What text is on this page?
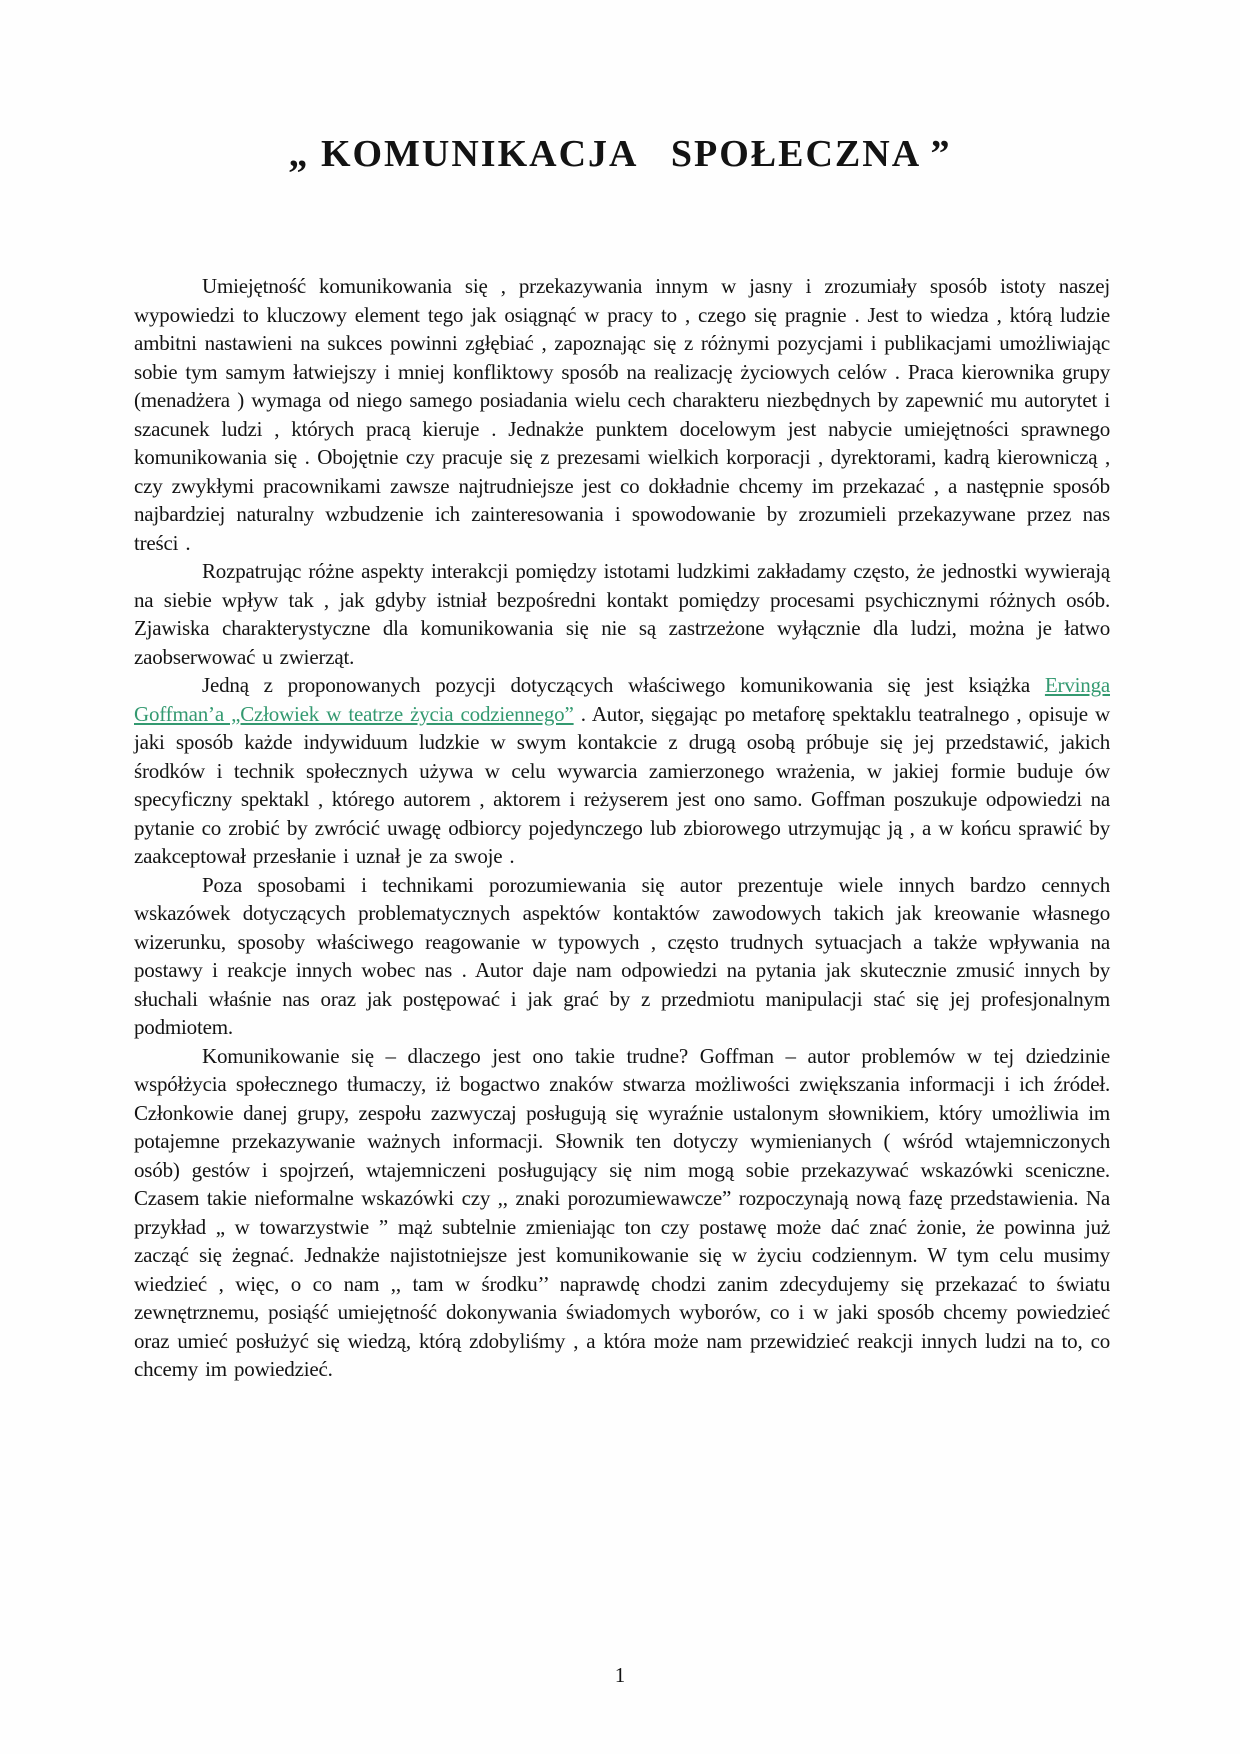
„ KOMUNIKACJA   SPOŁECZNA ”

Umiejętność komunikowania się , przekazywania innym w jasny i zrozumiały sposób istoty naszej wypowiedzi to kluczowy element tego jak osiągnąć w pracy to , czego się pragnie . Jest to wiedza , którą ludzie ambitni nastawieni na sukces powinni zgłębiać , zapoznając się z różnymi pozycjami i publikacjami umożliwiając sobie tym samym łatwiejszy i mniej konfliktowy sposób na realizację życiowych celów . Praca kierownika grupy (menadżera ) wymaga od niego samego posiadania wielu cech charakteru niezbędnych by zapewnić mu autorytet i szacunek ludzi , których pracą kieruje . Jednakże punktem docelowym jest nabycie umiejętności sprawnego komunikowania się . Obojętnie czy pracuje się z prezesami wielkich korporacji , dyrektorami, kadrą kierowniczą , czy zwykłymi pracownikami zawsze najtrudniejsze jest co dokładnie chcemy im przekazać , a następnie sposób najbardziej naturalny wzbudzenie ich zainteresowania i spowodowanie by zrozumieli przekazywane przez nas treści .

Rozpatrując różne aspekty interakcji pomiędzy istotami ludzkimi zakładamy często, że jednostki wywierają na siebie wpływ tak , jak gdyby istniał bezpośredni kontakt pomiędzy procesami psychicznymi różnych osób. Zjawiska charakterystyczne dla komunikowania się nie są zastrzeżone wyłącznie dla ludzi, można je łatwo zaobserwować u zwierząt.

Jedną z proponowanych pozycji dotyczących właściwego komunikowania się jest książka Ervinga Goffman’a „Człowiek w teatrze życia codziennego” . Autor, sięgając po metaforę spektaklu teatralnego , opisuje w jaki sposób każde indywiduum ludzkie w swym kontakcie z drugą osobą próbuje się jej przedstawić, jakich środków i technik społecznych używa w celu wywarcia zamierzonego wrażenia, w jakiej formie buduje ów specyficzny spektakl , którego autorem , aktorem i reżyserem jest ono samo. Goffman poszukuje odpowiedzi na pytanie co zrobić by zwrócić uwagę odbiorcy pojedynczego lub zbiorowego utrzymując ją , a w końcu sprawić by zaakceptował przesłanie i uznał je za swoje .

Poza sposobami i technikami porozumiewania się autor prezentuje wiele innych bardzo cennych wskazówek dotyczących problematycznych aspektów kontaktów zawodowych takich jak kreowanie własnego wizerunku, sposoby właściwego reagowanie w typowych , często trudnych sytuacjach a także wpływania na postawy i reakcje innych wobec nas . Autor daje nam odpowiedzi na pytania jak skutecznie zmusić innych by słuchali właśnie nas oraz jak postępować i jak grać by z przedmiotu manipulacji stać się jej profesjonalnym podmiotem.

Komunikowanie się – dlaczego jest ono takie trudne? Goffman – autor problemów w tej dziedzinie współżycia społecznego tłumaczy, iż bogactwo znaków stwarza możliwości zwiększania informacji i ich źródeł. Członkowie danej grupy, zespołu zazwyczaj posługują się wyraźnie ustalonym słownikiem, który umożliwia im potajemne przekazywanie ważnych informacji. Słownik ten dotyczy wymienianych ( wśród wtajemniczonych osób) gestów i spojrzeń, wtajemniczeni posługujący się nim mogą sobie przekazywać wskazówki sceniczne. Czasem takie nieformalne wskazówki czy ,, znaki porozumiewawcze” rozpoczynają nową fazę przedstawienia. Na przykład „ w towarzystwie ” mąż subtelnie zmieniając ton czy postawę może dać znać żonie, że powinna już zacząć się żegnać. Jednakże najistotniejsze jest komunikowanie się w życiu codziennym. W tym celu musimy wiedzieć , więc, o co nam ,, tam w środku’’ naprawdę chodzi zanim zdecydujemy się przekazać to światu zewnętrznemu, posiąść umiejętność dokonywania świadomych wyborów, co i w jaki sposób chcemy powiedzieć oraz umieć posłużyć się wiedzą, którą zdobyliśmy , a która może nam przewidzieć reakcji innych ludzi na to, co chcemy im powiedzieć.

1
